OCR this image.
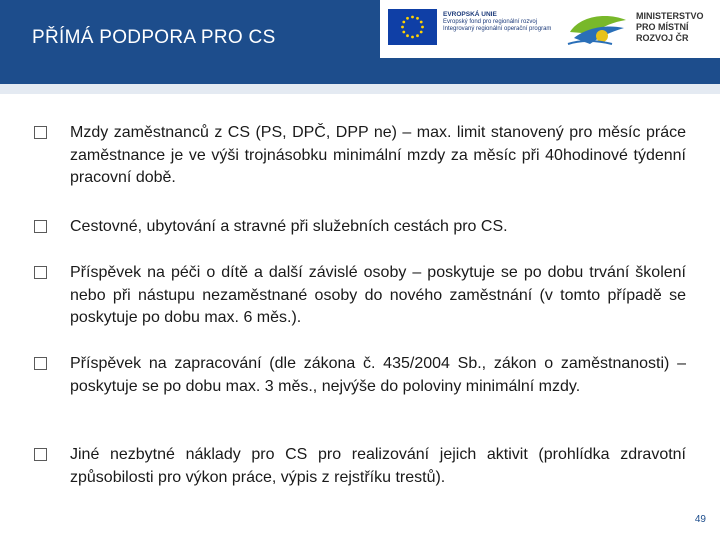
PŘÍMÁ PODPORA PRO CS
EVROPSKÁ UNIE
Evropský fond pro regionální rozvoj
Integrovaný regionální operační program
MINISTERSTVO
PRO MÍSTNÍ
ROZVOJ ČR
Mzdy zaměstnanců z CS (PS, DPČ, DPP ne) – max. limit stanovený pro měsíc práce zaměstnance je ve výši trojnásobku minimální mzdy za měsíc při 40hodinové týdenní pracovní době.
Cestovné, ubytování a stravné při služebních cestách pro CS.
Příspěvek na péči o dítě a další závislé osoby – poskytuje se po dobu trvání školení nebo při nástupu nezaměstnané osoby do nového zaměstnání (v tomto případě se poskytuje po dobu max. 6 měs.).
Příspěvek na zapracování (dle zákona č. 435/2004 Sb., zákon o zaměstnanosti) – poskytuje se po dobu max. 3 měs., nejvýše do poloviny minimální mzdy.
Jiné nezbytné náklady pro CS pro realizování jejich aktivit (prohlídka zdravotní způsobilosti pro výkon práce, výpis z rejstříku trestů).
49
